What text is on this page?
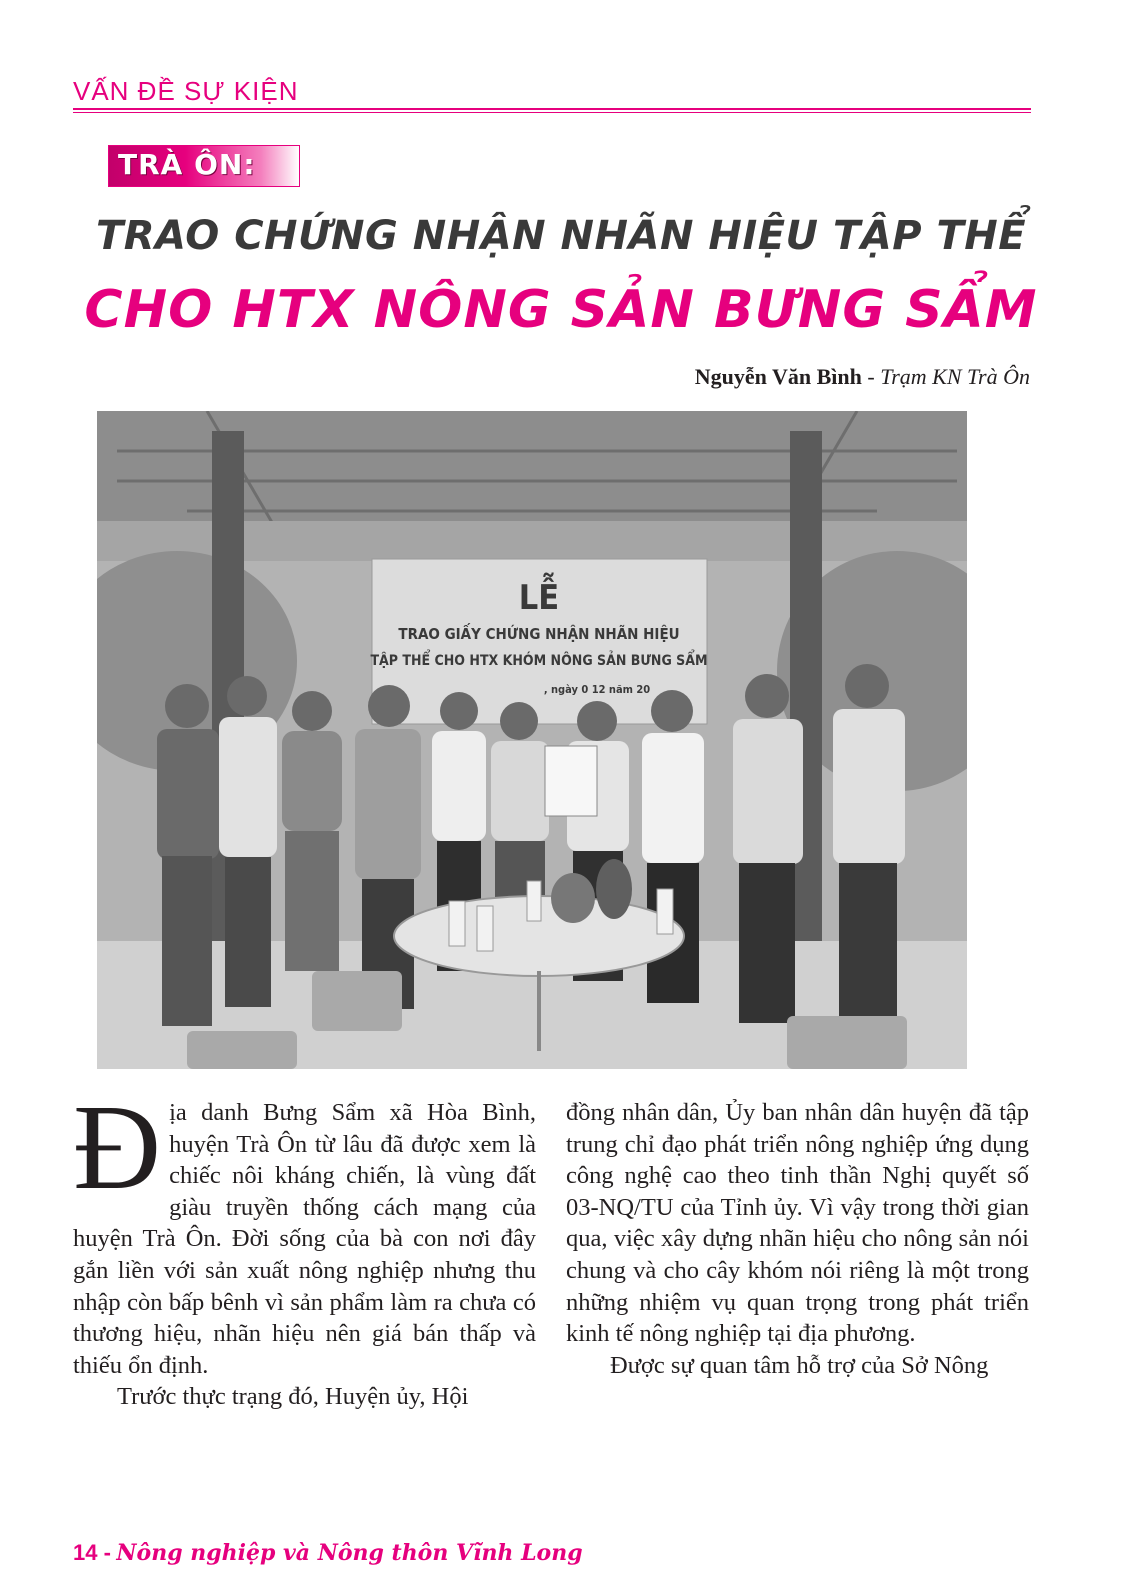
VẤN ĐỀ SỰ KIỆN
TRÀ ÔN:
TRAO CHỨNG NHẬN NHÃN HIỆU TẬP THỂ
CHO HTX NÔNG SẢN BƯNG SẨM
Nguyễn Văn Bình - Trạm KN Trà Ôn
LỄ
TRAO GIẤY CHỨNG NHẬN NHÃN HIỆU
TẬP THỂ CHO HTX KHÓM NÔNG SẢN BƯNG SẨM
, ngày 0 12 năm 20

Địa danh Bưng Sẩm xã Hòa Bình, huyện Trà Ôn từ lâu đã được xem là chiếc nôi kháng chiến, là vùng đất giàu truyền thống cách mạng của huyện Trà Ôn. Đời sống của bà con nơi đây gắn liền với sản xuất nông nghiệp nhưng thu nhập còn bấp bênh vì sản phẩm làm ra chưa có thương hiệu, nhãn hiệu nên giá bán thấp và thiếu ổn định.

Trước thực trạng đó, Huyện ủy, Hội

đồng nhân dân, Ủy ban nhân dân huyện đã tập trung chỉ đạo phát triển nông nghiệp ứng dụng công nghệ cao theo tinh thần Nghị quyết số 03-NQ/TU của Tỉnh ủy. Vì vậy trong thời gian qua, việc xây dựng nhãn hiệu cho nông sản nói chung và cho cây khóm nói riêng là một trong những nhiệm vụ quan trọng trong phát triển kinh tế nông nghiệp tại địa phương.

Được sự quan tâm hỗ trợ của Sở Nông

14 - Nông nghiệp và Nông thôn Vĩnh Long
